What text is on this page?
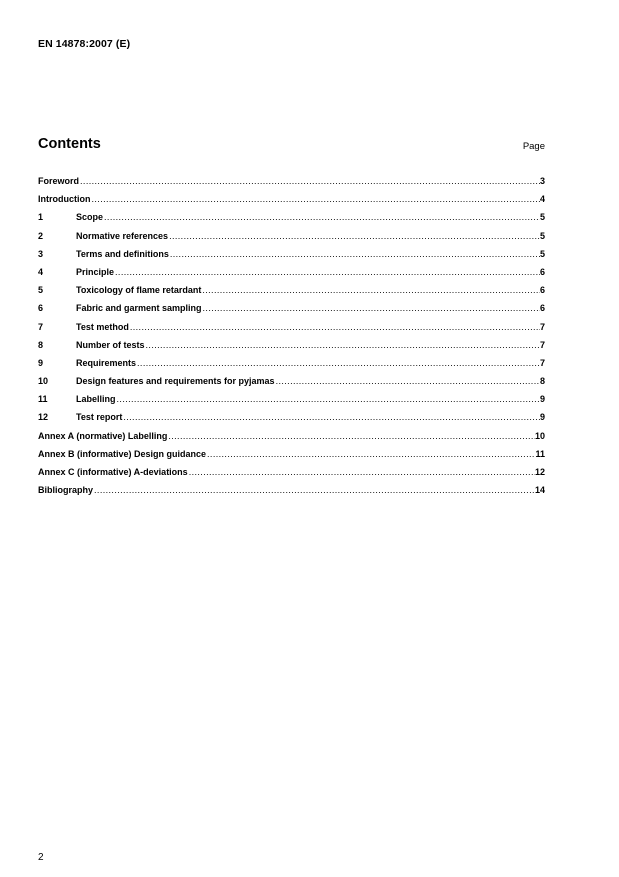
EN 14878:2007 (E)
Contents	Page
Foreword .....	3
Introduction .....	4
1	Scope .....	5
2	Normative references .....	5
3	Terms and definitions .....	5
4	Principle .....	6
5	Toxicology of flame retardant .....	6
6	Fabric and garment sampling .....	6
7	Test method .....	7
8	Number of tests .....	7
9	Requirements .....	7
10	Design features and requirements for pyjamas .....	8
11	Labelling .....	9
12	Test report .....	9
Annex A (normative) Labelling .....	10
Annex B (informative) Design guidance .....	11
Annex C (informative) A-deviations .....	12
Bibliography .....	14
2
